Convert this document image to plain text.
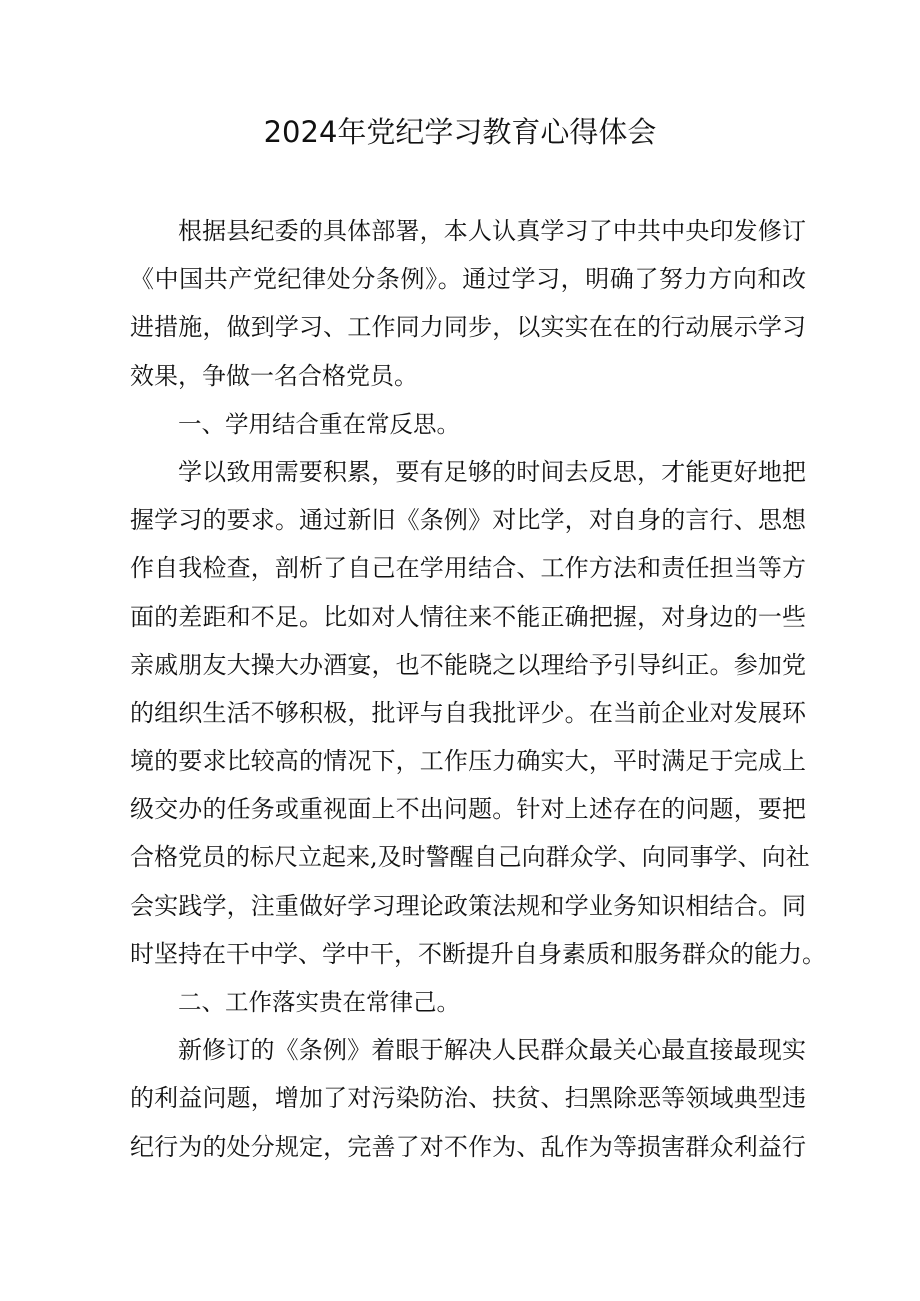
2024年党纪学习教育心得体会
根据县纪委的具体部署，本人认真学习了中共中央印发修订
《中国共产党纪律处分条例》。通过学习，明确了努力方向和改
进措施，做到学习、工作同力同步，以实实在在的行动展示学习
效果，争做一名合格党员。
一、学用结合重在常反思。
学以致用需要积累，要有足够的时间去反思，才能更好地把
握学习的要求。通过新旧《条例》对比学，对自身的言行、思想
作自我检查，剖析了自己在学用结合、工作方法和责任担当等方
面的差距和不足。比如对人情往来不能正确把握，对身边的一些
亲戚朋友大操大办酒宴，也不能晓之以理给予引导纠正。参加党
的组织生活不够积极，批评与自我批评少。在当前企业对发展环
境的要求比较高的情况下，工作压力确实大，平时满足于完成上
级交办的任务或重视面上不出问题。针对上述存在的问题，要把
合格党员的标尺立起来,及时警醒自己向群众学、向同事学、向社
会实践学，注重做好学习理论政策法规和学业务知识相结合。同
时坚持在干中学、学中干，不断提升自身素质和服务群众的能力。
二、工作落实贵在常律己。
新修订的《条例》着眼于解决人民群众最关心最直接最现实
的利益问题，增加了对污染防治、扶贫、扫黑除恶等领域典型违
纪行为的处分规定，完善了对不作为、乱作为等损害群众利益行
